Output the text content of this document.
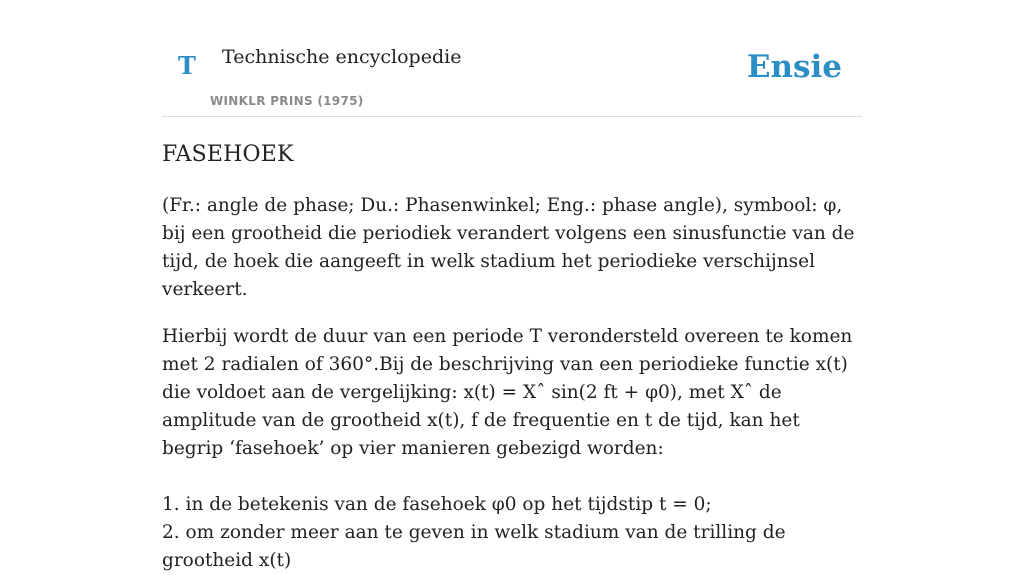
T Technische encyclopedie
WINKLR PRINS (1975)
Ensie
FASEHOEK

(Fr.: angle de phase; Du.: Phasenwinkel; Eng.: phase angle), symbool: φ, bij een grootheid die periodiek verandert volgens een sinusfunctie van de tijd, de hoek die aangeeft in welk stadium het periodieke verschijnsel verkeert.

Hierbij wordt de duur van een periode T verondersteld overeen te komen met 2 radialen of 360°.Bij de beschrijving van een periodieke functie x(t) die voldoet aan de vergelijking: x(t) = Xˆ sin(2 ft + φ0), met Xˆ de amplitude van de grootheid x(t), f de frequentie en t de tijd, kan het begrip ‘fasehoek’ op vier manieren gebezigd worden:

1. in de betekenis van de fasehoek φ0 op het tijdstip t = 0;
2. om zonder meer aan te geven in welk stadium van de trilling de grootheid x(t)
